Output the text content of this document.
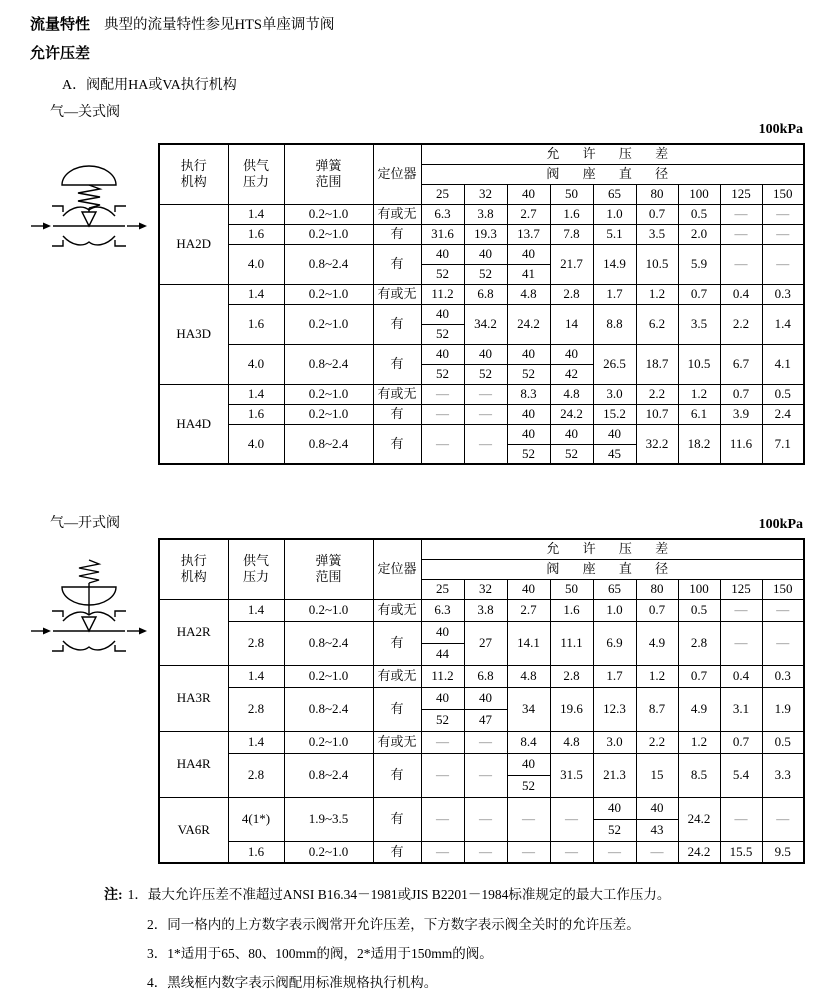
流量特性 典型的流量特性参见HTS单座调节阀
允许压差
A．阀配用HA或VA执行机构
气—关式阀
100kPa
执行
机构

供气
压力

弹簧
范围

定位器
	允 许 压 差
				阀 座 直 径								
				25	32	40	50	65	80	100	125	150
HA2D	1.4	0.2~1.0	有或无	6.3	3.8	2.7	1.6	1.0	0.7	0.5	—	—
	1.6	0.2~1.0	有	31.6	19.3	13.7	7.8	5.1	3.5	2.0	—	—
	4.0	0.8~2.4	有	40	40	40	21.7	14.9	10.5	5.9	—	—
				52	52	41						
HA3D	1.4	0.2~1.0	有或无	11.2	6.8	4.8	2.8	1.7	1.2	0.7	0.4	0.3
	1.6	0.2~1.0	有	40	34.2	24.2	14	8.8	6.2	3.5	2.2	1.4
				52								
	4.0	0.8~2.4	有	40	40	40	40	26.5	18.7	10.5	6.7	4.1
				52	52	52	42					
HA4D	1.4	0.2~1.0	有或无	—	—	8.3	4.8	3.0	2.2	1.2	0.7	0.5
	1.6	0.2~1.0	有	—	—	40	24.2	15.2	10.7	6.1	3.9	2.4
	4.0	0.8~2.4	有	—	—	40	40	40	32.2	18.2	11.6	7.1
						52	52	45				
气—开式阀	100kPa
执行
机构

供气
压力

弹簧
范围

定位器
	允 许 压 差
				阀 座 直 径								
				25	32	40	50	65	80	100	125	150
HA2R	1.4	0.2~1.0	有或无	6.3	3.8	2.7	1.6	1.0	0.7	0.5	—	—
	2.8	0.8~2.4	有	40	27	14.1	11.1	6.9	4.9	2.8	—	—
				44								
HA3R	1.4	0.2~1.0	有或无	11.2	6.8	4.8	2.8	1.7	1.2	0.7	0.4	0.3
	2.8	0.8~2.4	有	40	40	34	19.6	12.3	8.7	4.9	3.1	1.9
				52	47							
HA4R	1.4	0.2~1.0	有或无	—	—	8.4	4.8	3.0	2.2	1.2	0.7	0.5
	2.8	0.8~2.4	有	—	—	40	31.5	21.3	15	8.5	5.4	3.3
						52						
VA6R	4(1*)	1.9~3.5	有	—	—	—	—	40	40	24.2	—	—
								52	43			
	1.6	0.2~1.0	有	—	—	—	—	—	—	24.2	15.5	9.5
注: 1．最大允许压差不准超过ANSI B16.34－1981或JIS B2201－1984标准规定的最大工作压力。
2．同一格内的上方数字表示阀常开允许压差，下方数字表示阀全关时的允许压差。
3．1*适用于65、80、100mm的阀，2*适用于150mm的阀。
4．黑线框内数字表示阀配用标准规格执行机构。
